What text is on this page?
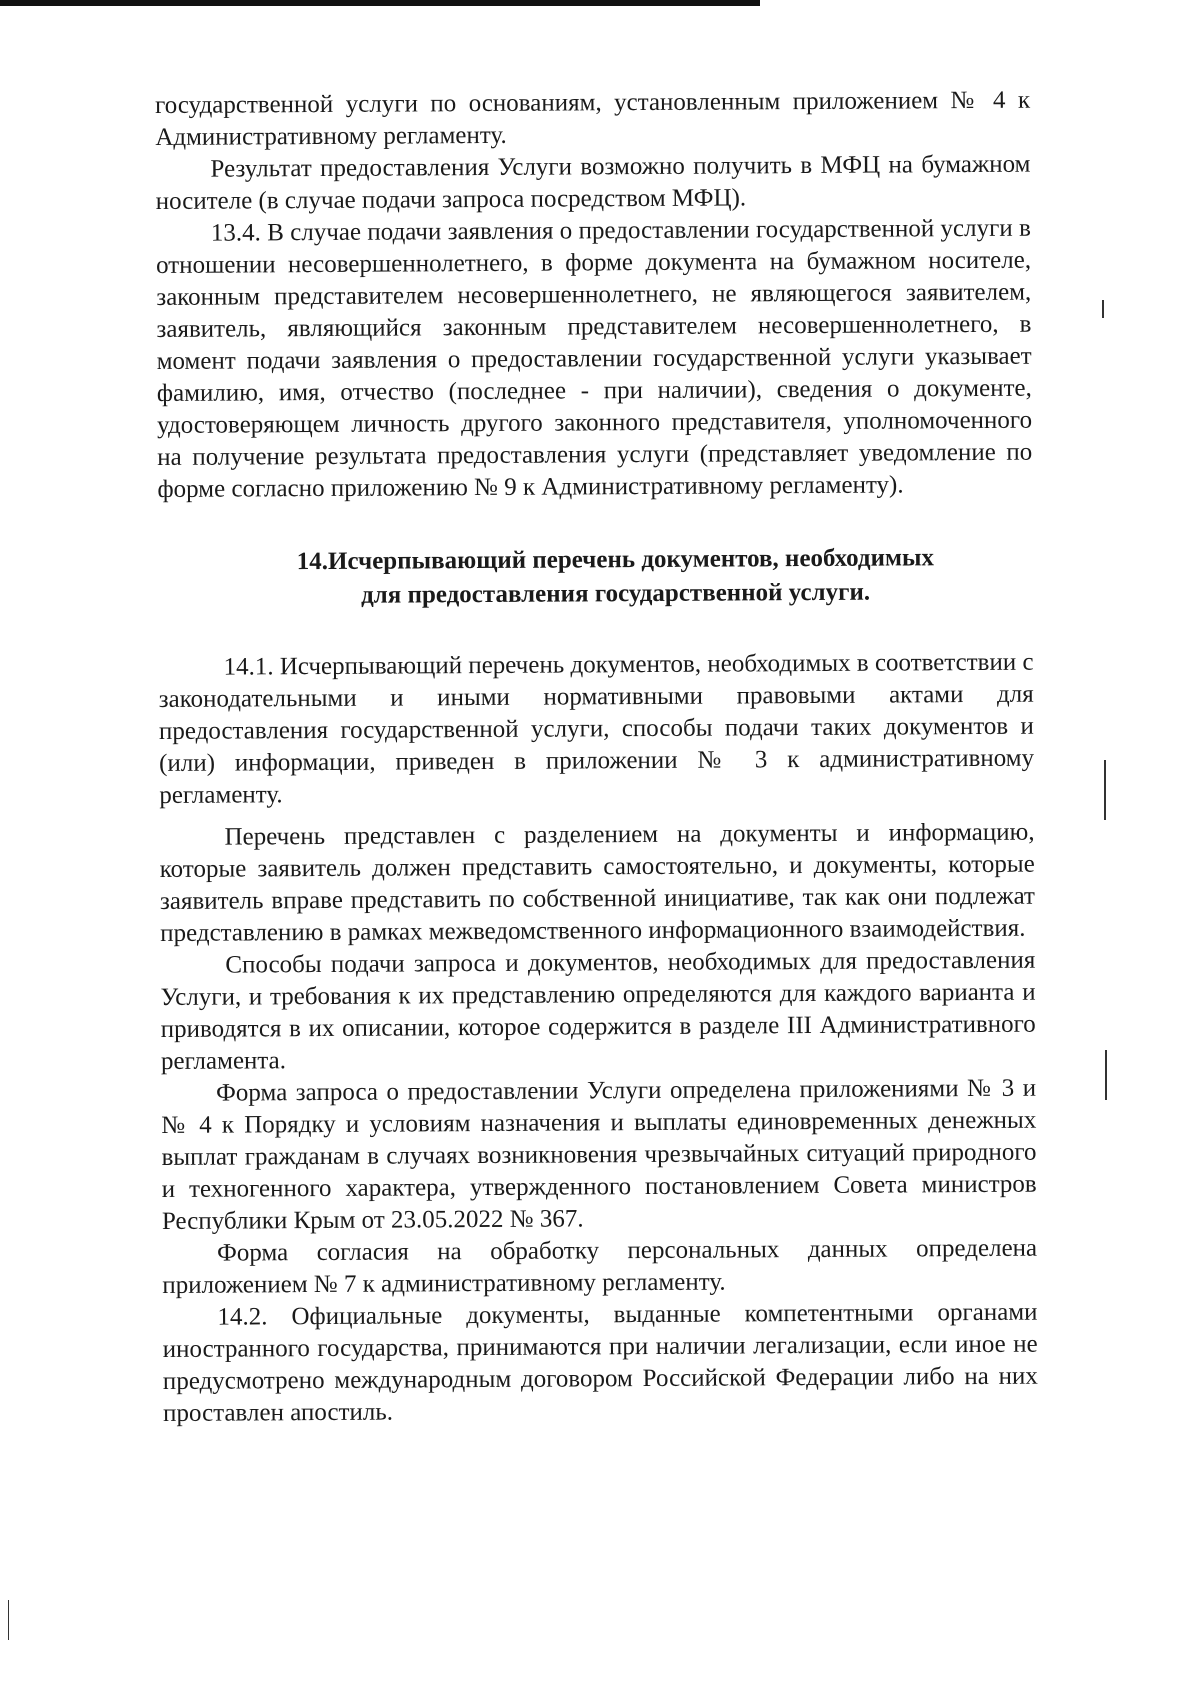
государственной услуги по основаниям, установленным приложением № 4 к Административному регламенту.

Результат предоставления Услуги возможно получить в МФЦ на бумажном носителе (в случае подачи запроса посредством МФЦ).

13.4. В случае подачи заявления о предоставлении государственной услуги в отношении несовершеннолетнего, в форме документа на бумажном носителе, законным представителем несовершеннолетнего, не являющегося заявителем, заявитель, являющийся законным представителем несовершеннолетнего, в момент подачи заявления о предоставлении государственной услуги указывает фамилию, имя, отчество (последнее - при наличии), сведения о документе, удостоверяющем личность другого законного представителя, уполномоченного на получение результата предоставления услуги (представляет уведомление по форме согласно приложению № 9 к Административному регламенту).

14.Исчерпывающий перечень документов, необходимых
для предоставления государственной услуги.

14.1. Исчерпывающий перечень документов, необходимых в соответствии с законодательными и иными нормативными правовыми актами для предоставления государственной услуги, способы подачи таких документов и (или) информации, приведен в приложении № 3 к административному регламенту.

Перечень представлен с разделением на документы и информацию, которые заявитель должен представить самостоятельно, и документы, которые заявитель вправе представить по собственной инициативе, так как они подлежат представлению в рамках межведомственного информационного взаимодействия.

Способы подачи запроса и документов, необходимых для предоставления Услуги, и требования к их представлению определяются для каждого варианта и приводятся в их описании, которое содержится в разделе III Административного регламента.

Форма запроса о предоставлении Услуги определена приложениями № 3 и № 4 к Порядку и условиям назначения и выплаты единовременных денежных выплат гражданам в случаях возникновения чрезвычайных ситуаций природного и техногенного характера, утвержденного постановлением Совета министров Республики Крым от 23.05.2022 № 367.

Форма согласия на обработку персональных данных определена приложением № 7 к административному регламенту.

14.2. Официальные документы, выданные компетентными органами иностранного государства, принимаются при наличии легализации, если иное не предусмотрено международным договором Российской Федерации либо на них проставлен апостиль.
